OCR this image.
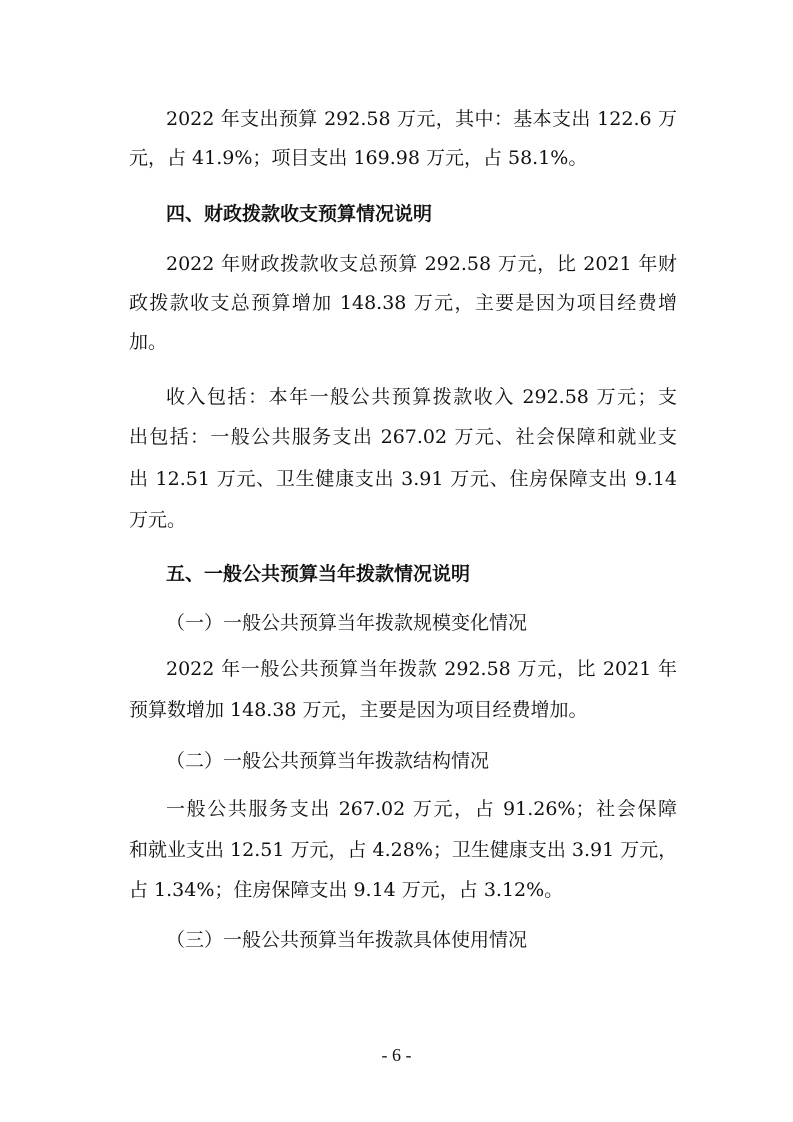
2022 年支出预算 292.58 万元，其中：基本支出 122.6 万
元，占 41.9%；项目支出 169.98 万元，占 58.1%。
四、财政拨款收支预算情况说明
2022 年财政拨款收支总预算 292.58 万元，比 2021 年财
政拨款收支总预算增加 148.38 万元，主要是因为项目经费增
加。
收入包括：本年一般公共预算拨款收入 292.58 万元；支
出包括：一般公共服务支出 267.02 万元、社会保障和就业支
出 12.51 万元、卫生健康支出 3.91 万元、住房保障支出 9.14
万元。
五、一般公共预算当年拨款情况说明
（一）一般公共预算当年拨款规模变化情况
2022 年一般公共预算当年拨款 292.58 万元，比 2021 年
预算数增加 148.38 万元，主要是因为项目经费增加。
（二）一般公共预算当年拨款结构情况
一般公共服务支出 267.02 万元，占 91.26%；社会保障
和就业支出 12.51 万元，占 4.28%；卫生健康支出 3.91 万元，
占 1.34%；住房保障支出 9.14 万元，占 3.12%。
（三）一般公共预算当年拨款具体使用情况
- 6 -
